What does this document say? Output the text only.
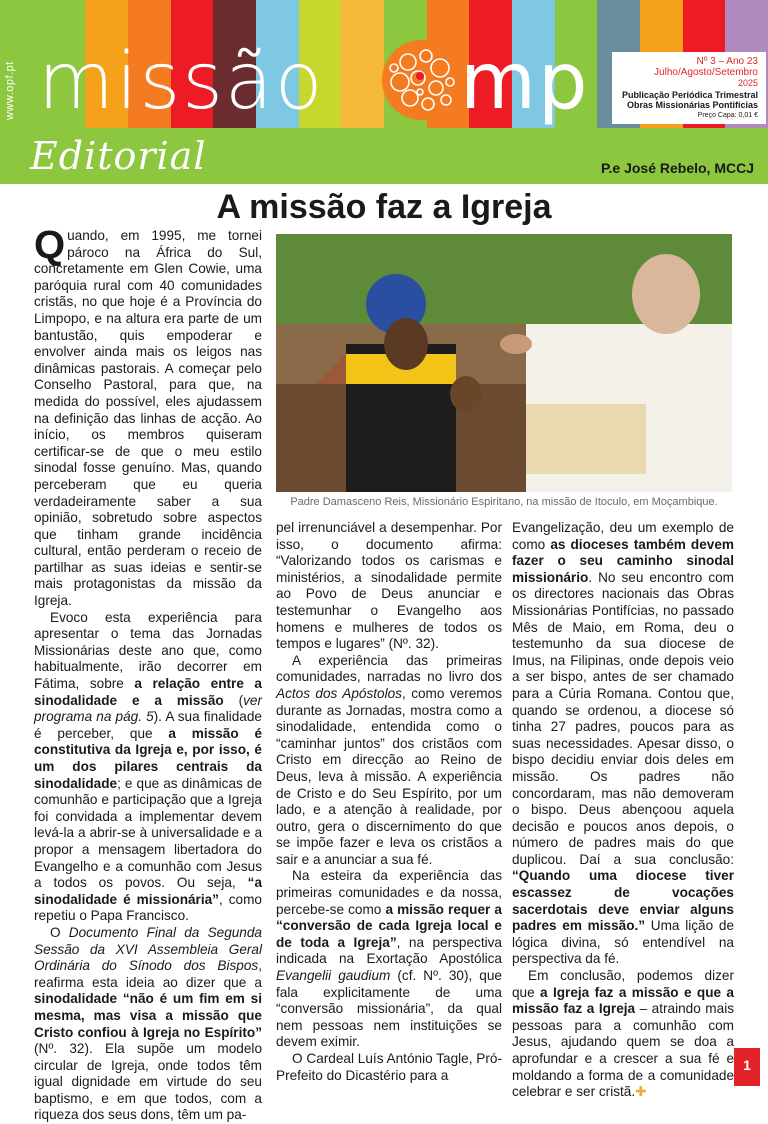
www.opf.pt missão mp	Nº 3 – Ano 23
Julho/Agosto/Setembro
2025
Publicação Periódica Trimestral
Obras Missionárias Pontifícias
Preço Capa: 0,01 €
Editorial	P.e José Rebelo, MCCJ
A missão faz a Igreja
Padre Damasceno Reis, Missionário Espiritano, na missão de Itoculo, em Moçambique.

Quando, em 1995, me tornei pároco na África do Sul, concretamente em Glen Cowie, uma paróquia rural com 40 comunidades cristãs, no que hoje é a Província do Limpopo, e na altura era parte de um bantustão, quis empoderar e envolver ainda mais os leigos nas dinâmicas pastorais. A começar pelo Conselho Pastoral, para que, na medida do possível, eles ajudassem na definição das linhas de acção. Ao início, os membros quiseram certificar-se de que o meu estilo sinodal fosse genuíno. Mas, quando perceberam que eu queria verdadeiramente saber a sua opinião, sobretudo sobre aspectos que tinham grande incidência cultural, então perderam o receio de partilhar as suas ideias e sentir-se mais protagonistas da missão da Igreja.

Evoco esta experiência para apresentar o tema das Jornadas Missionárias deste ano que, como habitualmente, irão decorrer em Fátima, sobre a relação entre a sinodalidade e a missão (ver programa na pág. 5). A sua finalidade é perceber, que a missão é constitutiva da Igreja e, por isso, é um dos pilares centrais da sinodalidade; e que as dinâmicas de comunhão e participação que a Igreja foi convidada a implementar devem levá-la a abrir-se à universalidade e a propor a mensagem libertadora do Evangelho e a comunhão com Jesus a todos os povos. Ou seja, “a sinodalidade é missionária”, como repetiu o Papa Francisco.

O Documento Final da Segunda Sessão da XVI Assembleia Geral Ordinária do Sínodo dos Bispos, reafirma esta ideia ao dizer que a sinodalidade “não é um fim em si mesma, mas visa a missão que Cristo confiou à Igreja no Espírito” (Nº. 32). Ela supõe um modelo circular de Igreja, onde todos têm igual dignidade em virtude do seu baptismo, e em que todos, com a riqueza dos seus dons, têm um pa-

pel irrenunciável a desempenhar. Por isso, o documento afirma: “Valorizando todos os carismas e ministérios, a sinodalidade permite ao Povo de Deus anunciar e testemunhar o Evangelho aos homens e mulheres de todos os tempos e lugares” (Nº. 32).

A experiência das primeiras comunidades, narradas no livro dos Actos dos Apóstolos, como veremos durante as Jornadas, mostra como a sinodalidade, entendida como o “caminhar juntos” dos cristãos com Cristo em direcção ao Reino de Deus, leva à missão. A experiência de Cristo e do Seu Espírito, por um lado, e a atenção à realidade, por outro, gera o discernimento do que se impõe fazer e leva os cristãos a sair e a anunciar a sua fé.

Na esteira da experiência das primeiras comunidades e da nossa, percebe-se como a missão requer a “conversão de cada Igreja local e de toda a Igreja”, na perspectiva indicada na Exortação Apostólica Evangelii gaudium (cf. Nº. 30), que fala explicitamente de uma “conversão missionária”, da qual nem pessoas nem instituições se devem eximir.

O Cardeal Luís António Tagle, Pró-Prefeito do Dicastério para a

Evangelização, deu um exemplo de como as dioceses também devem fazer o seu caminho sinodal missionário. No seu encontro com os directores nacionais das Obras Missionárias Pontifícias, no passado Mês de Maio, em Roma, deu o testemunho da sua diocese de Imus, na Filipinas, onde depois veio a ser bispo, antes de ser chamado para a Cúria Romana. Contou que, quando se ordenou, a diocese só tinha 27 padres, poucos para as suas necessidades. Apesar disso, o bispo decidiu enviar dois deles em missão. Os padres não concordaram, mas não demoveram o bispo. Deus abençoou aquela decisão e poucos anos depois, o número de padres mais do que duplicou. Daí a sua conclusão: “Quando uma diocese tiver escassez de vocações sacerdotais deve enviar alguns padres em missão.” Uma lição de lógica divina, só entendível na perspectiva da fé.

Em conclusão, podemos dizer que a Igreja faz a missão e que a missão faz a Igreja – atraindo mais pessoas para a comunhão com Jesus, ajudando quem se doa a aprofundar e a crescer a sua fé e moldando a forma de a comunidade celebrar e ser cristã.✚

1
